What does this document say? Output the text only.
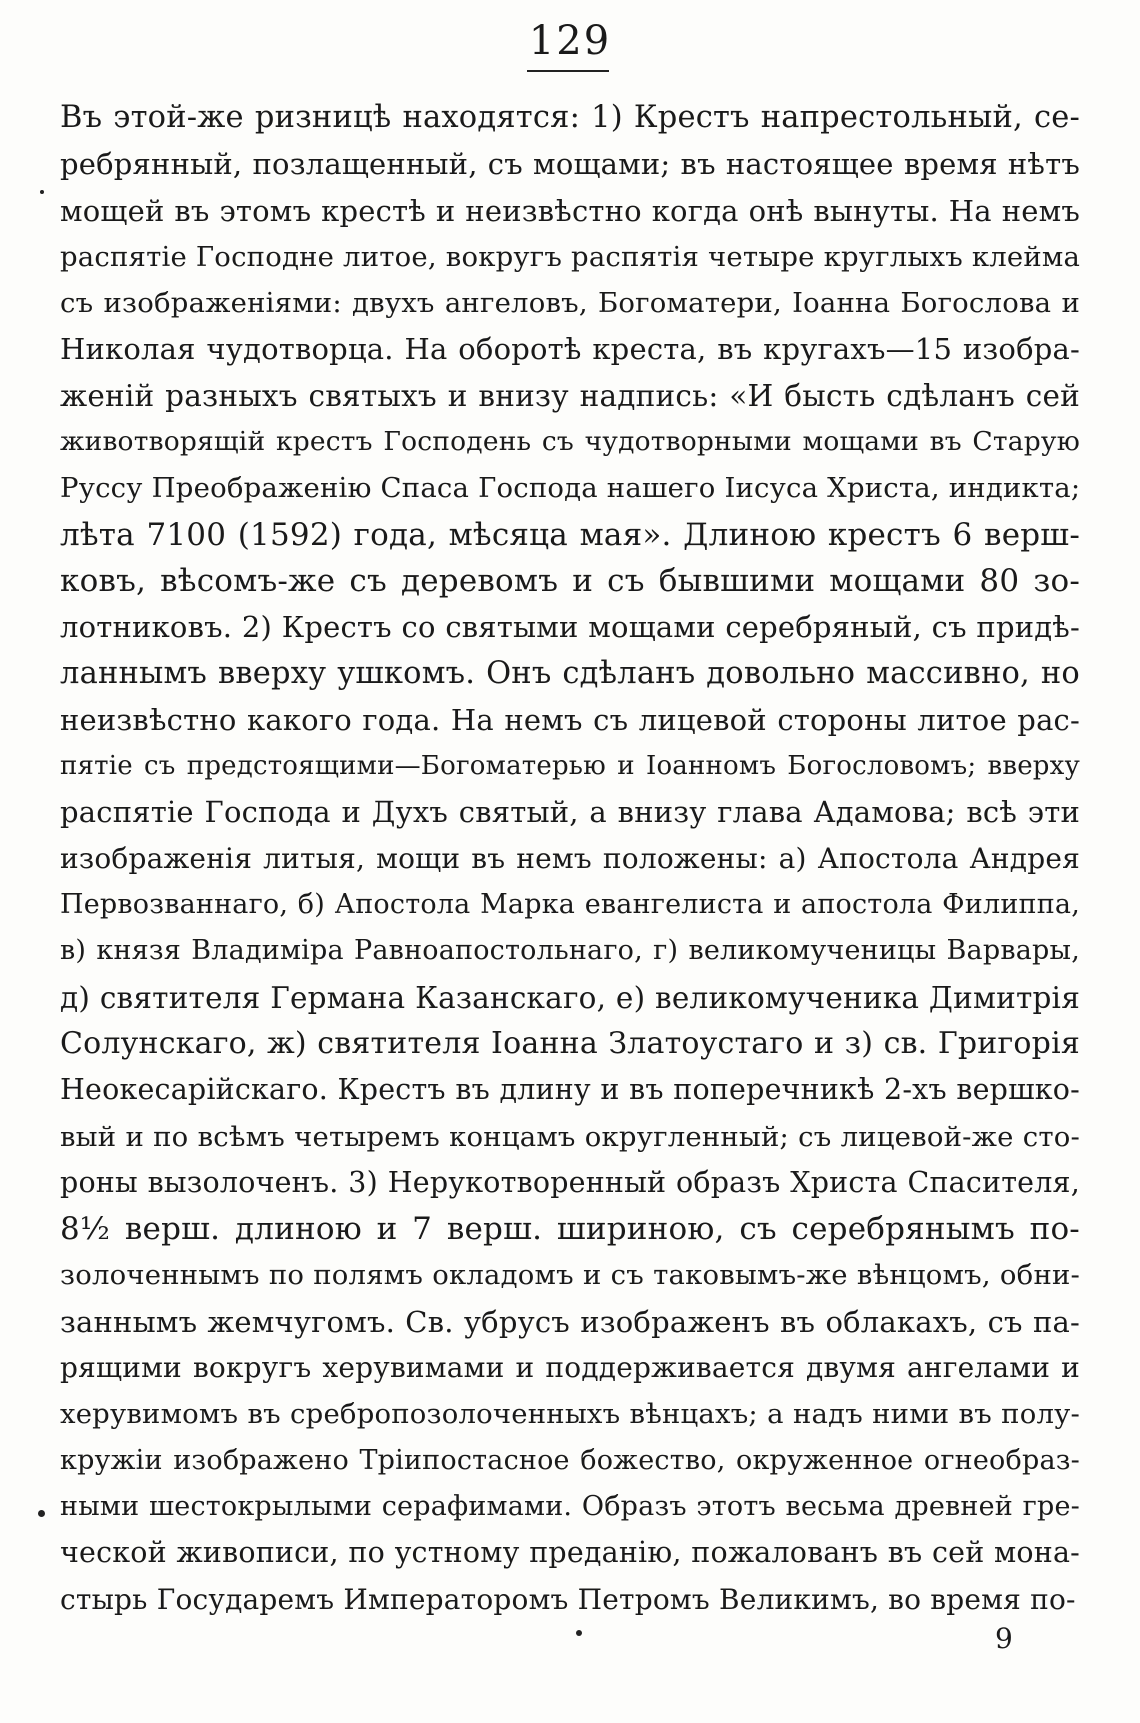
129
Въ этой-же ризницѣ находятся: 1) Крестъ напрестольный, се-
ребрянный, позлащенный, съ мощами; въ настоящее время нѣтъ
мощей въ этомъ крестѣ и неизвѣстно когда онѣ вынуты. На немъ
распятіе Господне литое, вокругъ распятія четыре круглыхъ клейма
съ изображеніями: двухъ ангеловъ, Богоматери, Іоанна Богослова и
Николая чудотворца. На оборотѣ креста, въ кругахъ—15 изобра-
женій разныхъ святыхъ и внизу надпись: «И бысть сдѣланъ сей
животворящій крестъ Господень съ чудотворными мощами въ Старую
Руссу Преображенію Спаса Господа нашего Іисуса Христа, индикта;
лѣта 7100 (1592) года, мѣсяца мая». Длиною крестъ 6 верш-
ковъ, вѣсомъ-же съ деревомъ и съ бывшими мощами 80 зо-
лотниковъ. 2) Крестъ со святыми мощами серебряный, съ придѣ-
ланнымъ вверху ушкомъ. Онъ сдѣланъ довольно массивно, но
неизвѣстно какого года. На немъ съ лицевой стороны литое рас-
пятіе съ предстоящими—Богоматерью и Іоанномъ Богословомъ; вверху
распятіе Господа и Духъ святый, а внизу глава Адамова; всѣ эти
изображенія литыя, мощи въ немъ положены: а) Апостола Андрея
Первозваннаго, б) Апостола Марка евангелиста и апостола Филиппа,
в) князя Владиміра Равноапостольнаго, г) великомученицы Варвары,
д) святителя Германа Казанскаго, е) великомученика Димитрія
Солунскаго, ж) святителя Іоанна Златоустаго и з) св. Григорія
Неокесарійскаго. Крестъ въ длину и въ поперечникѣ 2-хъ вершко-
вый и по всѣмъ четыремъ концамъ округленный; съ лицевой-же сто-
роны вызолоченъ. 3) Нерукотворенный образъ Христа Спасителя,
8½ верш. длиною и 7 верш. шириною, съ серебрянымъ по-
золоченнымъ по полямъ окладомъ и съ таковымъ-же вѣнцомъ, обни-
заннымъ жемчугомъ. Св. убрусъ изображенъ въ облакахъ, съ па-
рящими вокругъ херувимами и поддерживается двумя ангелами и
херувимомъ въ сребропозолоченныхъ вѣнцахъ; а надъ ними въ полу-
кружіи изображено Тріипостасное божество, окруженное огнеобраз-
ными шестокрылыми серафимами. Образъ этотъ весьма древней гре-
ческой живописи, по устному преданію, пожалованъ въ сей мона-
стырь Государемъ Императоромъ Петромъ Великимъ, во время по-
9
